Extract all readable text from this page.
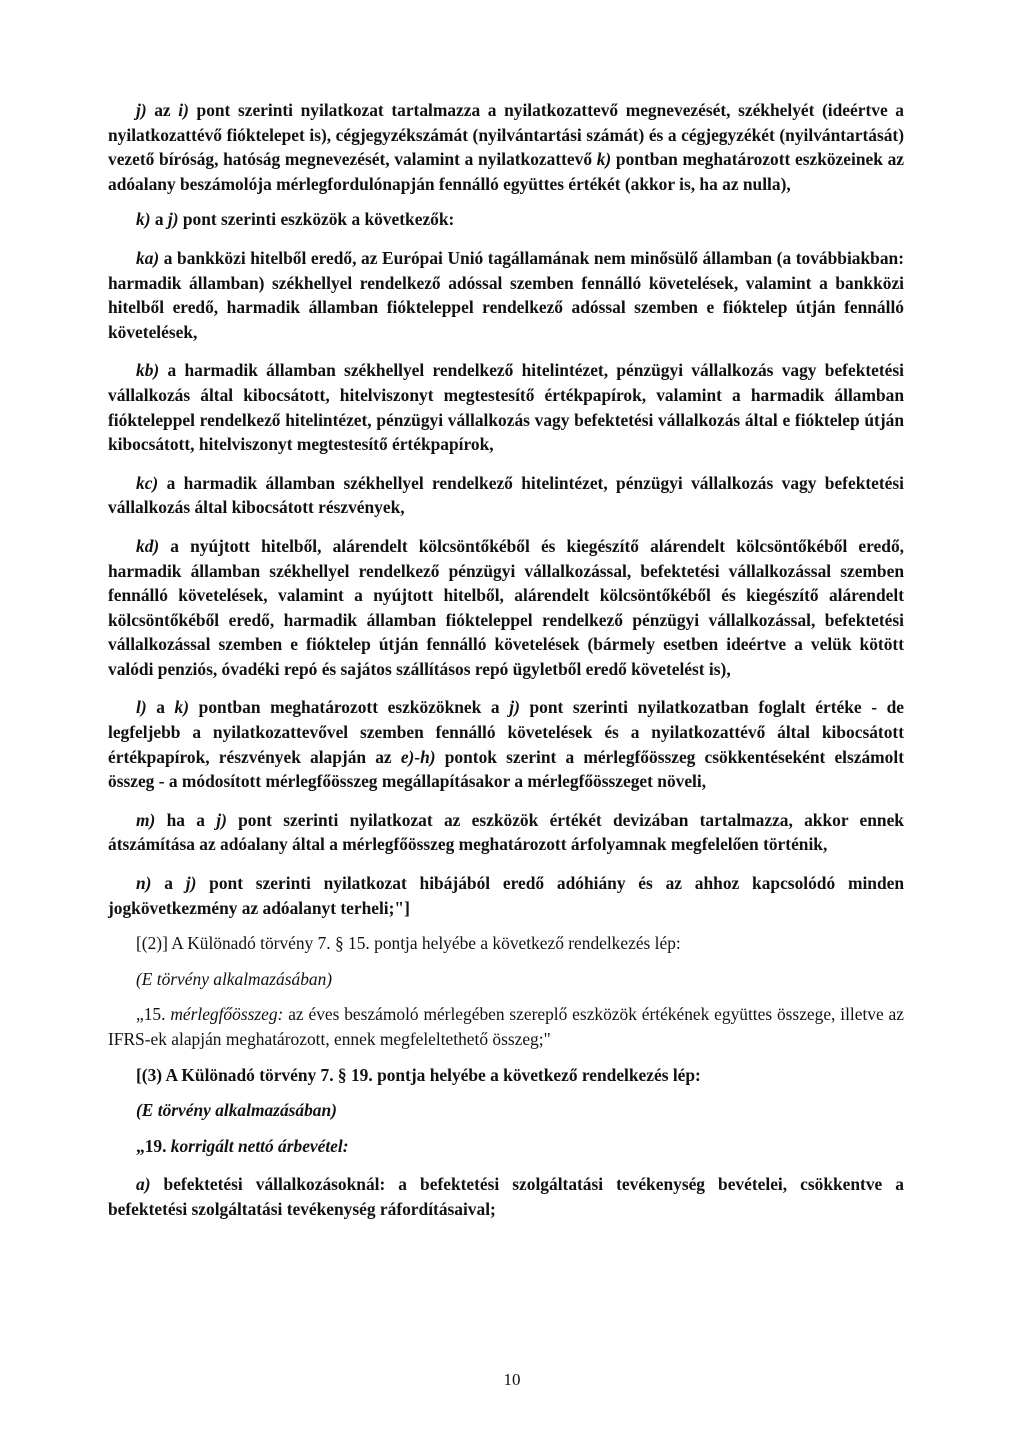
j) az i) pont szerinti nyilatkozat tartalmazza a nyilatkozattevő megnevezését, székhelyét (ideértve a nyilatkozattévő fióktelepet is), cégjegyzékszámát (nyilvántartási számát) és a cégjegyzékét (nyilvántartását) vezető bíróság, hatóság megnevezését, valamint a nyilatkozattevő k) pontban meghatározott eszközeinek az adóalany beszámolója mérlegfordulónapján fennálló együttes értékét (akkor is, ha az nulla),

k) a j) pont szerinti eszközök a következők:

ka) a bankközi hitelből eredő, az Európai Unió tagállamának nem minősülő államban (a továbbiakban: harmadik államban) székhellyel rendelkező adóssal szemben fennálló követelések, valamint a bankközi hitelből eredő, harmadik államban fiókteleppel rendelkező adóssal szemben e fióktelep útján fennálló követelések,

kb) a harmadik államban székhellyel rendelkező hitelintézet, pénzügyi vállalkozás vagy befektetési vállalkozás által kibocsátott, hitelviszonyt megtestesítő értékpapírok, valamint a harmadik államban fiókteleppel rendelkező hitelintézet, pénzügyi vállalkozás vagy befektetési vállalkozás által e fióktelep útján kibocsátott, hitelviszonyt megtestesítő értékpapírok,

kc) a harmadik államban székhellyel rendelkező hitelintézet, pénzügyi vállalkozás vagy befektetési vállalkozás által kibocsátott részvények,

kd) a nyújtott hitelből, alárendelt kölcsöntőkéből és kiegészítő alárendelt kölcsöntőkéből eredő, harmadik államban székhellyel rendelkező pénzügyi vállalkozással, befektetési vállalkozással szemben fennálló követelések, valamint a nyújtott hitelből, alárendelt kölcsöntőkéből és kiegészítő alárendelt kölcsöntőkéből eredő, harmadik államban fiókteleppel rendelkező pénzügyi vállalkozással, befektetési vállalkozással szemben e fióktelep útján fennálló követelések (bármely esetben ideértve a velük kötött valódi penziós, óvadéki repó és sajátos szállításos repó ügyletből eredő követelést is),

l) a k) pontban meghatározott eszközöknek a j) pont szerinti nyilatkozatban foglalt értéke - de legfeljebb a nyilatkozattevővel szemben fennálló követelések és a nyilatkozattévő által kibocsátott értékpapírok, részvények alapján az e)-h) pontok szerint a mérlegfőösszeg csökkentéseként elszámolt összeg - a módosított mérlegfőösszeg megállapításakor a mérlegfőösszeget növeli,

m) ha a j) pont szerinti nyilatkozat az eszközök értékét devizában tartalmazza, akkor ennek átszámítása az adóalany által a mérlegfőösszeg meghatározott árfolyamnak megfelelően történik,

n) a j) pont szerinti nyilatkozat hibájából eredő adóhiány és az ahhoz kapcsolódó minden jogkövetkezmény az adóalanyt terheli;"]

[(2)] A Különadó törvény 7. § 15. pontja helyébe a következő rendelkezés lép:

(E törvény alkalmazásában)

„15. mérlegfőösszeg: az éves beszámoló mérlegében szereplő eszközök értékének együttes összege, illetve az IFRS-ek alapján meghatározott, ennek megfeleltethető összeg;"

[(3) A Különadó törvény 7. § 19. pontja helyébe a következő rendelkezés lép:

(E törvény alkalmazásában)

„19. korrigált nettó árbevétel:

a) befektetési vállalkozásoknál: a befektetési szolgáltatási tevékenység bevételei, csökkentve a befektetési szolgáltatási tevékenység ráfordításaival;

10
